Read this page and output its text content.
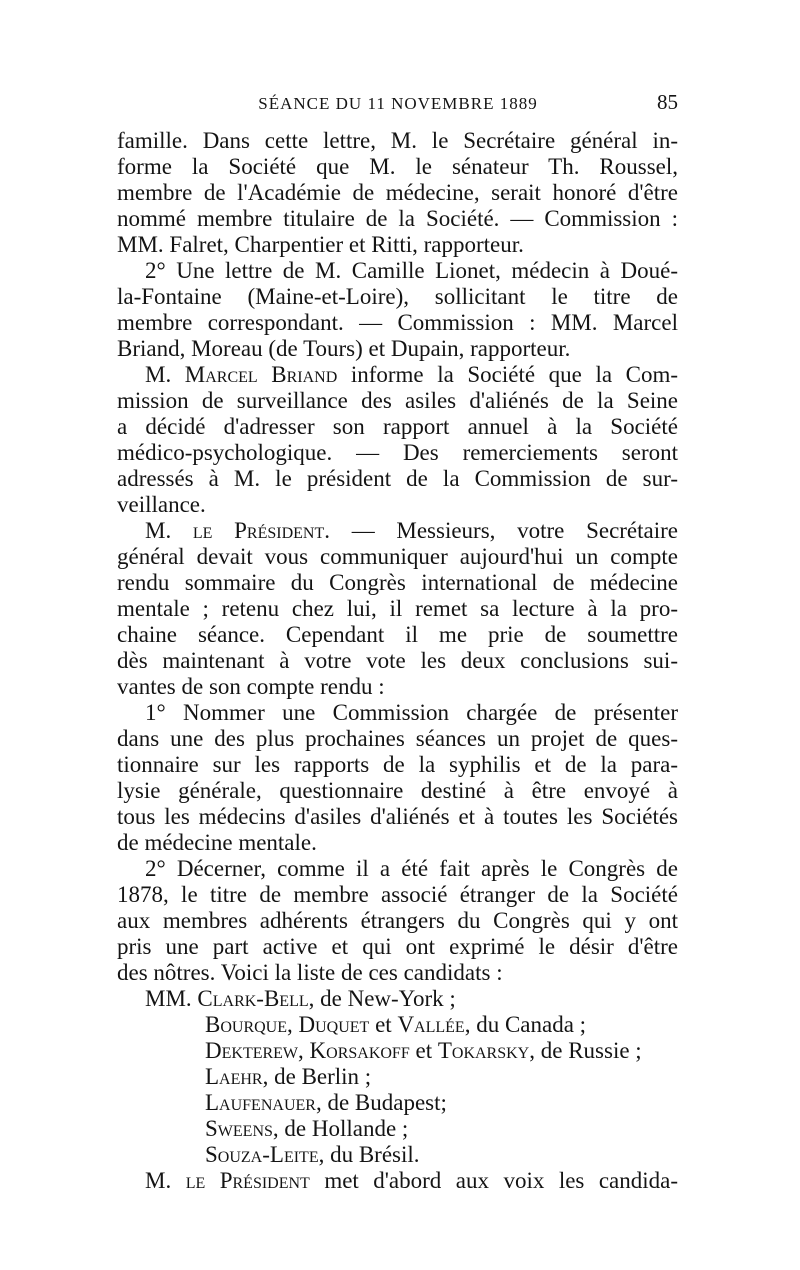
SÉANCE DU 11 NOVEMBRE 1889	85

famille. Dans cette lettre, M. le Secrétaire général in-

forme la Société que M. le sénateur Th. Roussel,

membre de l'Académie de médecine, serait honoré d'être

nommé membre titulaire de la Société. — Commission :

MM. Falret, Charpentier et Ritti, rapporteur.

2° Une lettre de M. Camille Lionet, médecin à Doué-

la-Fontaine (Maine-et-Loire), sollicitant le titre de

membre correspondant. — Commission : MM. Marcel

Briand, Moreau (de Tours) et Dupain, rapporteur.

M. Marcel Briand informe la Société que la Com-

mission de surveillance des asiles d'aliénés de la Seine

a décidé d'adresser son rapport annuel à la Société

médico-psychologique. — Des remerciements seront

adressés à M. le président de la Commission de sur-

veillance.

M. le Président. — Messieurs, votre Secrétaire

général devait vous communiquer aujourd'hui un compte

rendu sommaire du Congrès international de médecine

mentale ; retenu chez lui, il remet sa lecture à la pro-

chaine séance. Cependant il me prie de soumettre

dès maintenant à votre vote les deux conclusions sui-

vantes de son compte rendu :

1° Nommer une Commission chargée de présenter

dans une des plus prochaines séances un projet de ques-

tionnaire sur les rapports de la syphilis et de la para-

lysie générale, questionnaire destiné à être envoyé à

tous les médecins d'asiles d'aliénés et à toutes les Sociétés

de médecine mentale.

2° Décerner, comme il a été fait après le Congrès de

1878, le titre de membre associé étranger de la Société

aux membres adhérents étrangers du Congrès qui y ont

pris une part active et qui ont exprimé le désir d'être

des nôtres. Voici la liste de ces candidats :

MM. Clark-Bell, de New-York ;
Bourque, Duquet et Vallée, du Canada ;
Dekterew, Korsakoff et Tokarsky, de Russie ;
Laehr, de Berlin ;
Laufenauer, de Budapest;
Sweens, de Hollande ;
Souza-Leite, du Brésil.

M. le Président met d'abord aux voix les candida-
